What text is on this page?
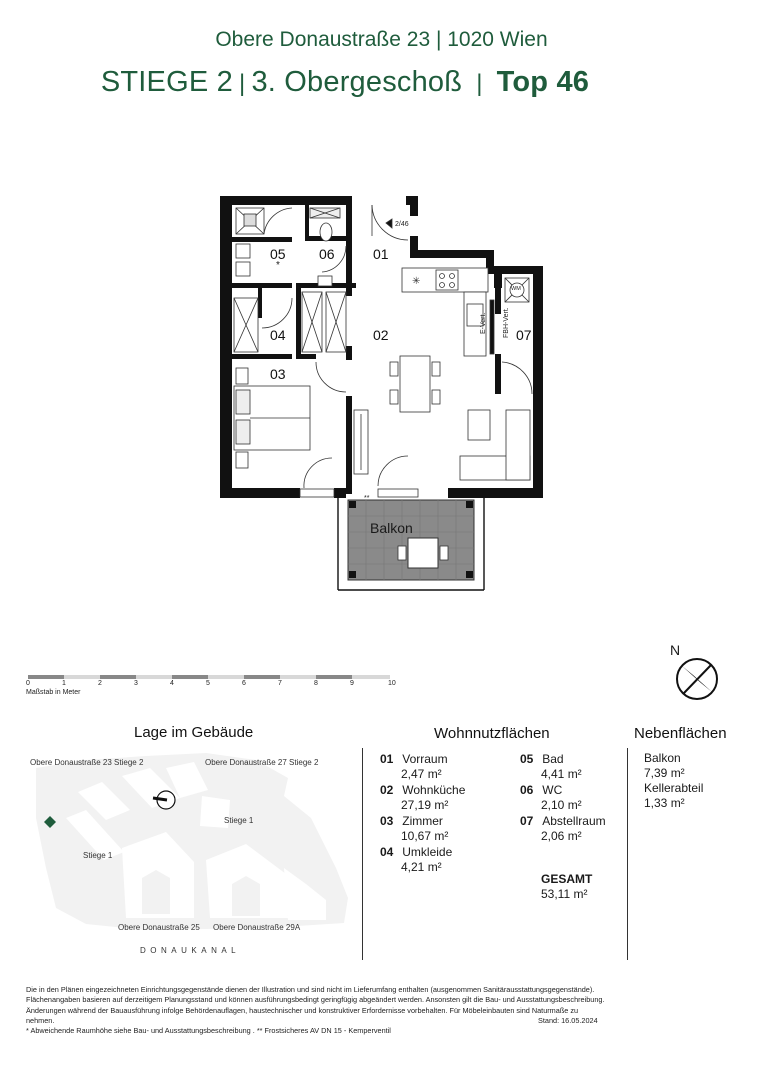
Obere Donaustraße 23 | 1020 Wien
STIEGE 2 | 3. Obergeschoß | Top 46
✳
05
*
06	01
04	02	07
03
Balkon
**
2/46
WM
E-Vert. FBH-Vert.
0	1	2	3	4	5	6	7	8	9	10
Maßstab in Meter
N
Lage im Gebäude
Obere Donaustraße 23 Stiege 2	Obere Donaustraße 27 Stiege 2
Stiege 1
Stiege 1
Obere Donaustraße 25 Obere Donaustraße 29A
DONAUKANAL
Wohnnutzflächen
01 Vorraum
2,47 m²
02 Wohnküche
27,19 m²
03 Zimmer
10,67 m²
04 Umkleide
4,21 m²
05 Bad
4,41 m²
06 WC
2,10 m²
07 Abstellraum
2,06 m²
GESAMT
53,11 m²
Nebenflächen
Balkon
7,39 m²
Kellerabteil
1,33 m²
Die in den Plänen eingezeichneten Einrichtungsgegenstände dienen der Illustration und sind nicht im Lieferumfang enthalten (ausgenommen Sanitärausstattungsgegenstände).
Flächenangaben basieren auf derzeitigem Planungsstand und können ausführungsbedingt geringfügig abgeändert werden. Ansonsten gilt die Bau- und Ausstattungsbeschreibung.
Änderungen während der Bauausführung infolge Behördenauflagen, haustechnischer und konstruktiver Erfordernisse vorbehalten. Für Möbeleinbauten sind Naturmaße zu nehmen.
* Abweichende Raumhöhe siehe Bau- und Ausstattungsbeschreibung . ** Frostsicheres AV DN 15 - Kemperventil
Stand: 16.05.2024
